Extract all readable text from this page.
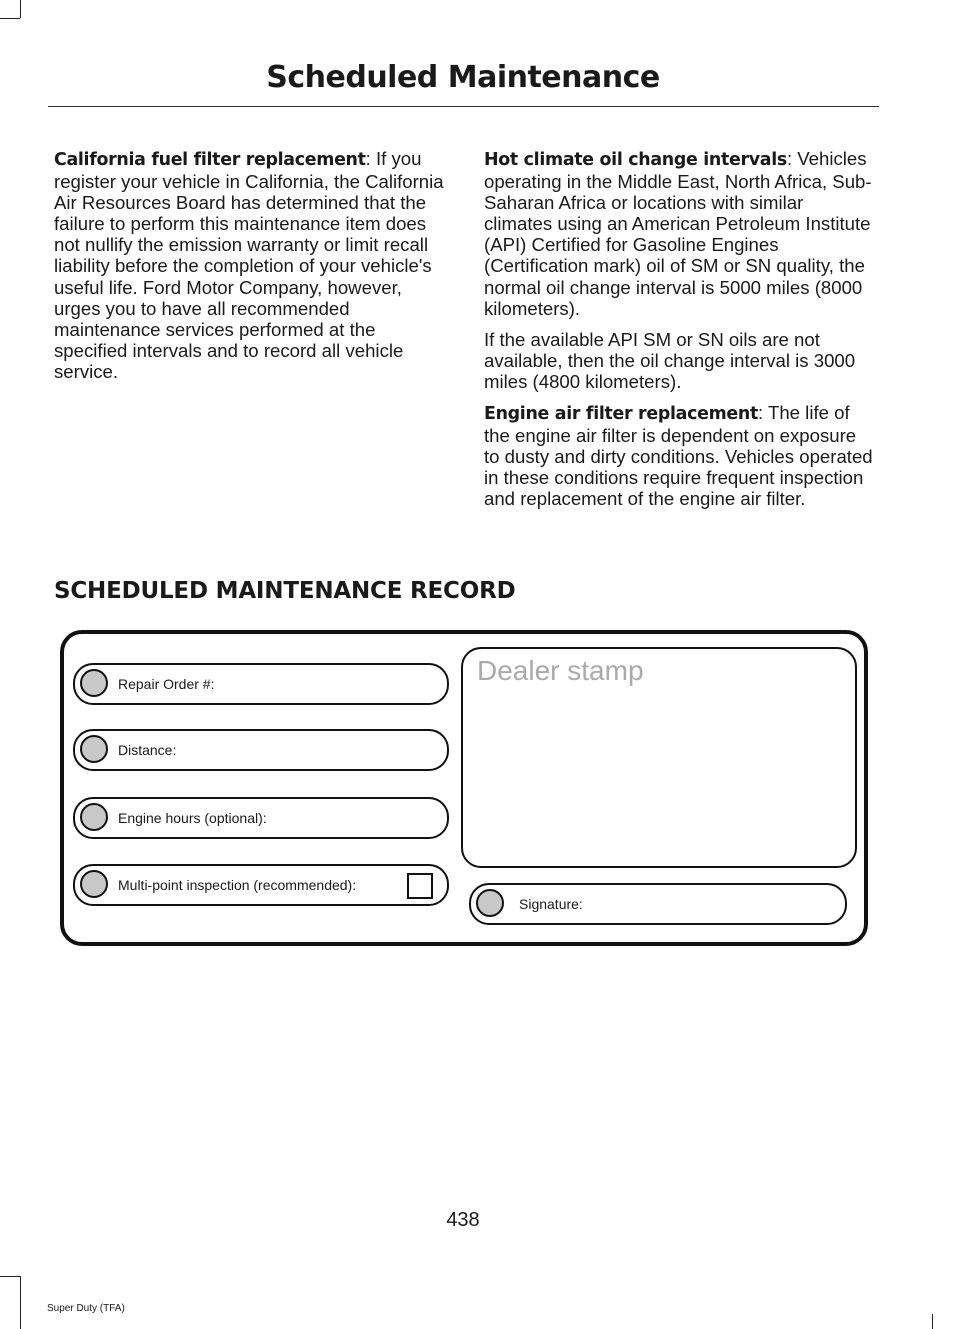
Scheduled Maintenance

California fuel filter replacement: If you register your vehicle in California, the California Air Resources Board has determined that the failure to perform this maintenance item does not nullify the emission warranty or limit recall liability before the completion of your vehicle's useful life. Ford Motor Company, however, urges you to have all recommended maintenance services performed at the specified intervals and to record all vehicle service.

Hot climate oil change intervals: Vehicles operating in the Middle East, North Africa, Sub-Saharan Africa or locations with similar climates using an American Petroleum Institute (API) Certified for Gasoline Engines (Certification mark) oil of SM or SN quality, the normal oil change interval is 5000 miles (8000 kilometers).

If the available API SM or SN oils are not available, then the oil change interval is 3000 miles (4800 kilometers).

Engine air filter replacement: The life of the engine air filter is dependent on exposure to dusty and dirty conditions. Vehicles operated in these conditions require frequent inspection and replacement of the engine air filter.

SCHEDULED MAINTENANCE RECORD
Repair Order #:
Distance:
Engine hours (optional):
Multi-point inspection (recommended):
Dealer stamp
Signature:
438
Super Duty (TFA)
